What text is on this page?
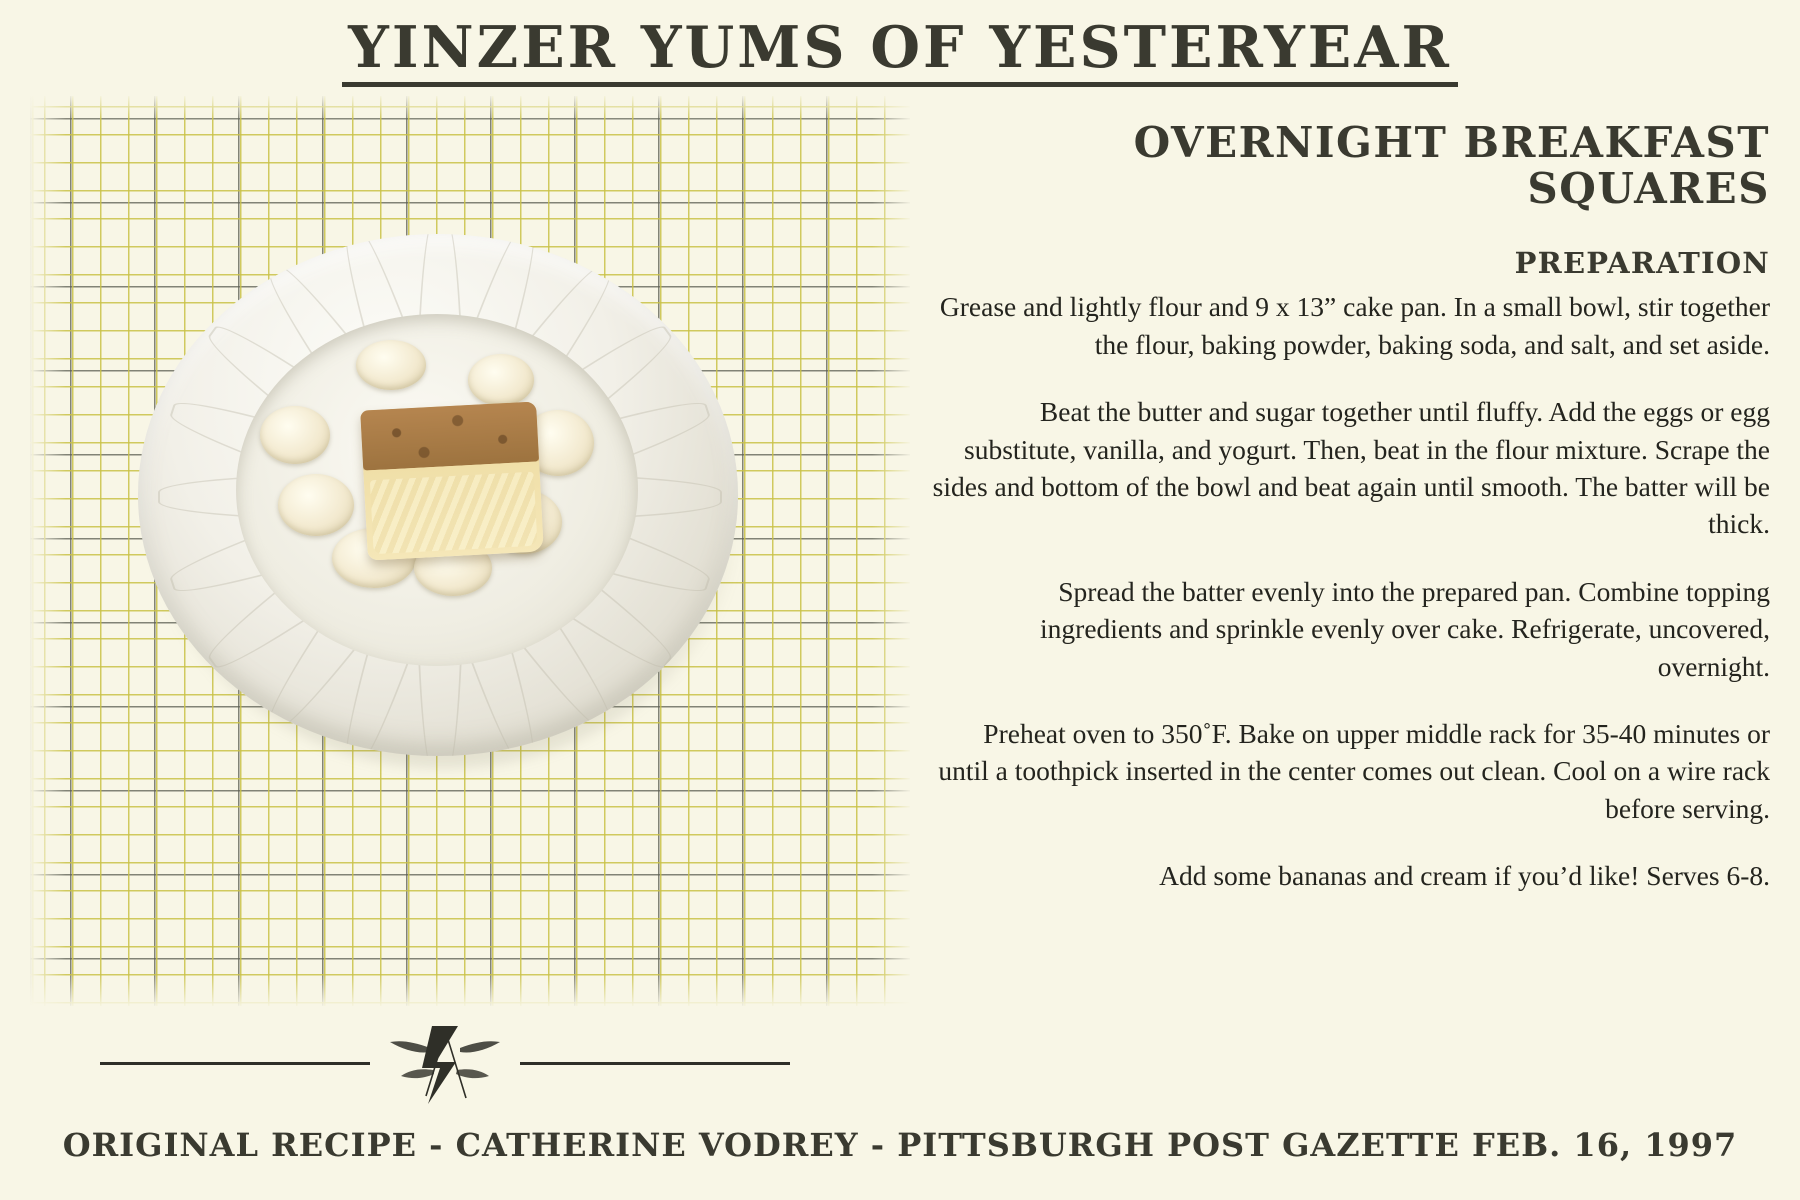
YINZER YUMS OF YESTERYEAR
OVERNIGHT BREAKFAST SQUARES
PREPARATION

Grease and lightly flour and 9 x 13” cake pan. In a small bowl, stir together the flour, baking powder, baking soda, and salt, and set aside.

Beat the butter and sugar together until fluffy. Add the eggs or egg substitute, vanilla, and yogurt. Then, beat in the flour mixture. Scrape the sides and bottom of the bowl and beat again until smooth. The batter will be thick.

Spread the batter evenly into the prepared pan. Combine topping ingredients and sprinkle evenly over cake. Refrigerate, uncovered, overnight.

Preheat oven to 350˚F. Bake on upper middle rack for 35-40 minutes or until a toothpick inserted in the center comes out clean. Cool on a wire rack before serving.

Add some bananas and cream if you’d like! Serves 6-8.

ORIGINAL RECIPE - CATHERINE VODREY - PITTSBURGH POST GAZETTE FEB. 16, 1997
